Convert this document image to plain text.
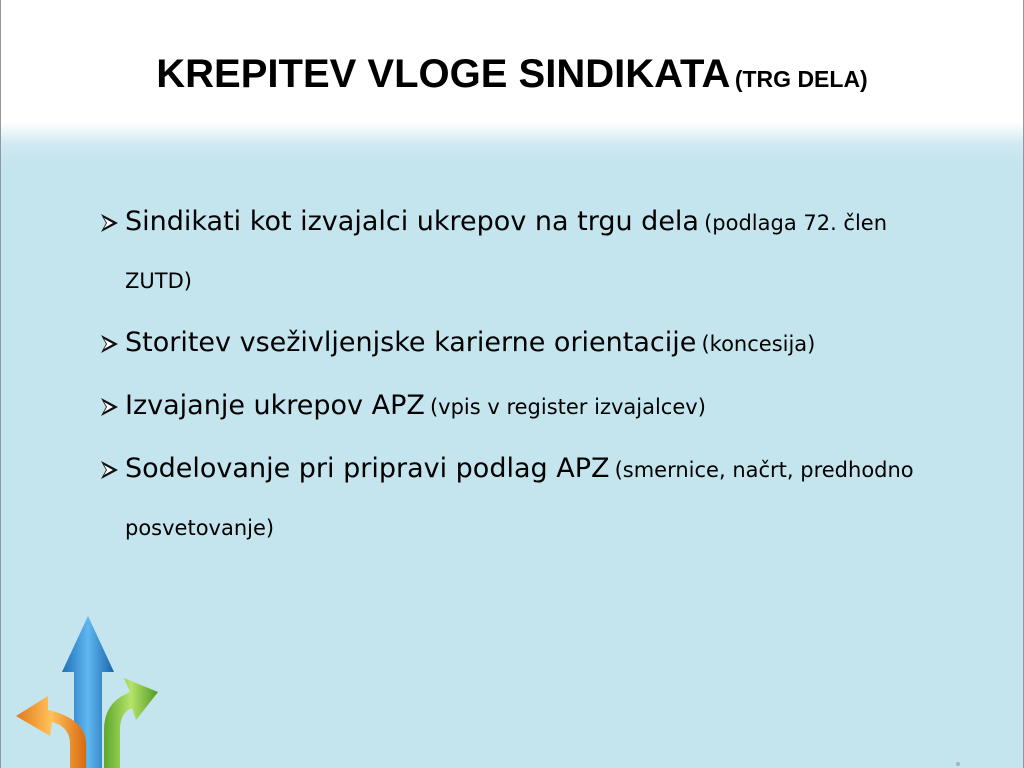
KREPITEV VLOGE SINDIKATA (TRG DELA)
Sindikati kot izvajalci ukrepov na trgu dela (podlaga 72. člen ZUTD)
Storitev vseživljenjske karierne orientacije (koncesija)
Izvajanje ukrepov APZ (vpis v register izvajalcev)
Sodelovanje pri pripravi podlag APZ (smernice, načrt, predhodno posvetovanje)
